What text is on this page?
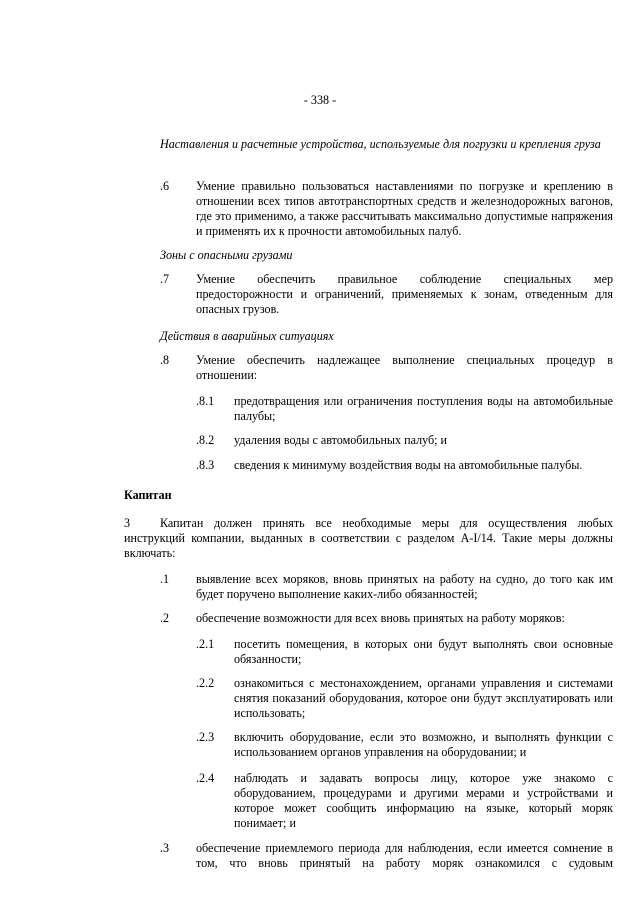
- 338 -
Наставления и расчетные устройства, используемые для погрузки и крепления груза
.6 Умение правильно пользоваться наставлениями по погрузке и креплению в отношении всех типов автотранспортных средств и железнодорожных вагонов, где это применимо, а также рассчитывать максимально допустимые напряжения и применять их к прочности автомобильных палуб.
Зоны с опасными грузами
.7 Умение обеспечить правильное соблюдение специальных мер предосторожности и ограничений, применяемых к зонам, отведенным для опасных грузов.
Действия в аварийных ситуациях
.8 Умение обеспечить надлежащее выполнение специальных процедур в отношении:
.8.1 предотвращения или ограничения поступления воды на автомобильные палубы;
.8.2 удаления воды с автомобильных палуб; и
.8.3 сведения к минимуму воздействия воды на автомобильные палубы.
Капитан
3	Капитан должен принять все необходимые меры для осуществления любых инструкций компании, выданных в соответствии с разделом A-I/14. Такие меры должны включать:
.1 выявление всех моряков, вновь принятых на работу на судно, до того как им будет поручено выполнение каких-либо обязанностей;
.2 обеспечение возможности для всех вновь принятых на работу моряков:
.2.1 посетить помещения, в которых они будут выполнять свои основные обязанности;
.2.2 ознакомиться с местонахождением, органами управления и системами снятия показаний оборудования, которое они будут эксплуатировать или использовать;
.2.3 включить оборудование, если это возможно, и выполнять функции с использованием органов управления на оборудовании; и
.2.4 наблюдать и задавать вопросы лицу, которое уже знакомо с оборудованием, процедурами и другими мерами и устройствами и которое может сообщить информацию на языке, который моряк понимает; и
.3 обеспечение приемлемого периода для наблюдения, если имеется сомнение в том, что вновь принятый на работу моряк ознакомился с судовым
